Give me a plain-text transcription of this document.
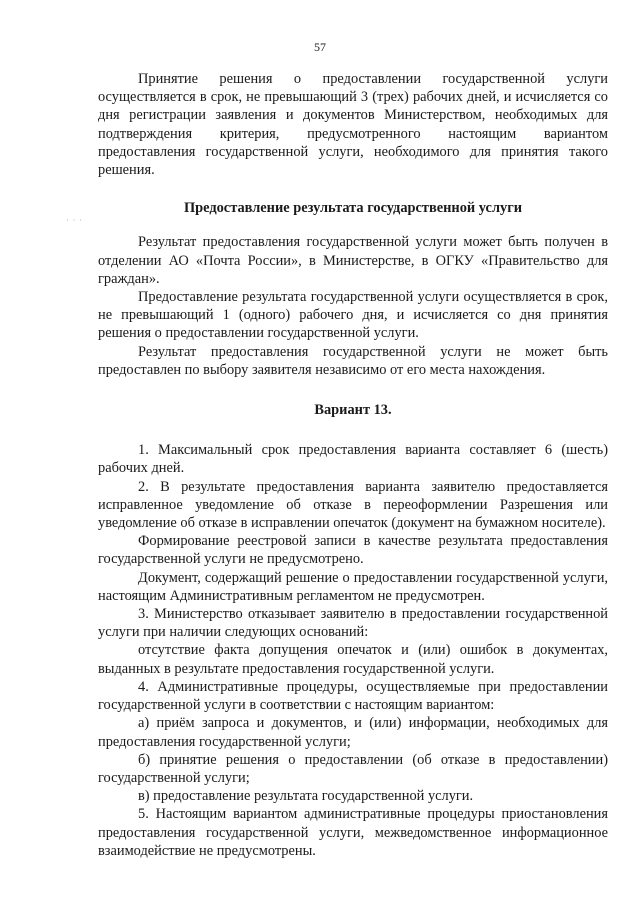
57
· · ·

Принятие решения о предоставлении государственной услуги осуществляется в срок, не превышающий 3 (трех) рабочих дней, и исчисляется со дня регистрации заявления и документов Министерством, необходимых для подтверждения критерия, предусмотренного настоящим вариантом предоставления государственной услуги, необходимого для принятия такого решения.

Предоставление результата государственной услуги

Результат предоставления государственной услуги может быть получен в отделении АО «Почта России», в Министерстве, в ОГКУ «Правительство для граждан».

Предоставление результата государственной услуги осуществляется в срок, не превышающий 1 (одного) рабочего дня, и исчисляется со дня принятия решения о предоставлении государственной услуги.

Результат предоставления государственной услуги не может быть предоставлен по выбору заявителя независимо от его места нахождения.

Вариант 13.

1. Максимальный срок предоставления варианта составляет 6 (шесть) рабочих дней.

2. В результате предоставления варианта заявителю предоставляется исправленное уведомление об отказе в переоформлении Разрешения или уведомление об отказе в исправлении опечаток (документ на бумажном носителе).

Формирование реестровой записи в качестве результата предоставления государственной услуги не предусмотрено.

Документ, содержащий решение о предоставлении государственной услуги, настоящим Административным регламентом не предусмотрен.

3. Министерство отказывает заявителю в предоставлении государственной услуги при наличии следующих оснований:

отсутствие факта допущения опечаток и (или) ошибок в документах, выданных в результате предоставления государственной услуги.

4. Административные процедуры, осуществляемые при предоставлении государственной услуги в соответствии с настоящим вариантом:

а) приём запроса и документов, и (или) информации, необходимых для предоставления государственной услуги;

б) принятие решения о предоставлении (об отказе в предоставлении) государственной услуги;

в) предоставление результата государственной услуги.

5. Настоящим вариантом административные процедуры приостановления предоставления государственной услуги, межведомственное информационное взаимодействие не предусмотрены.
